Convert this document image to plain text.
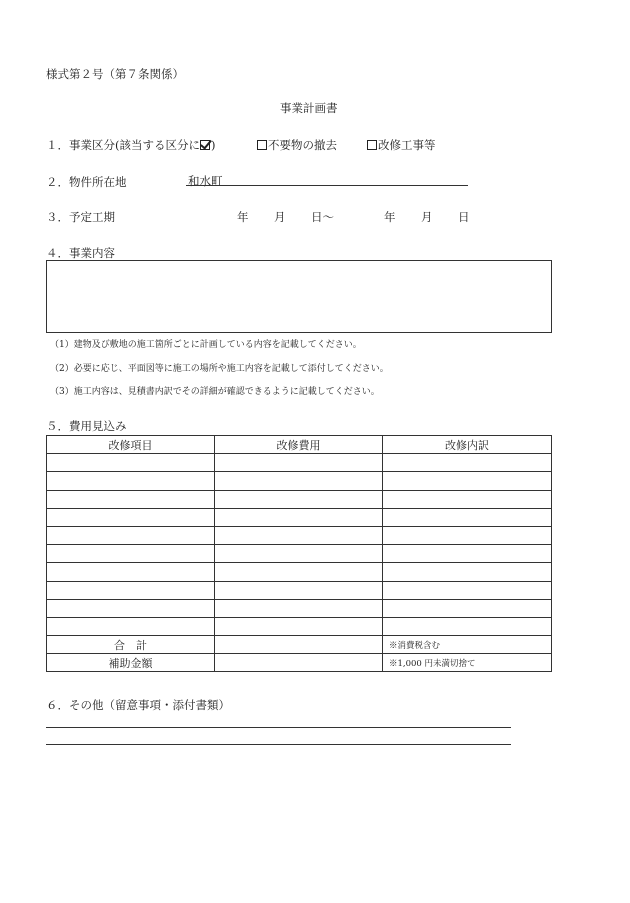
様式第２号（第７条関係）
事業計画書
１．事業区分(該当する区分に )	不要物の撤去	改修工事等
２．物件所在地	和水町
３．予定工期	年 月 日～	年 月 日
４．事業内容
（1）建物及び敷地の施工箇所ごとに計画している内容を記載してください。
（2）必要に応じ、平面図等に施工の場所や施工内容を記載して添付してください。
（3）施工内容は、見積書内訳でその詳細が確認できるように記載してください。
５．費用見込み
改修項目	改修費用	改修内訳

合　計		※消費税含む
補助金額		※1,000 円未満切捨て
６．その他（留意事項・添付書類）
